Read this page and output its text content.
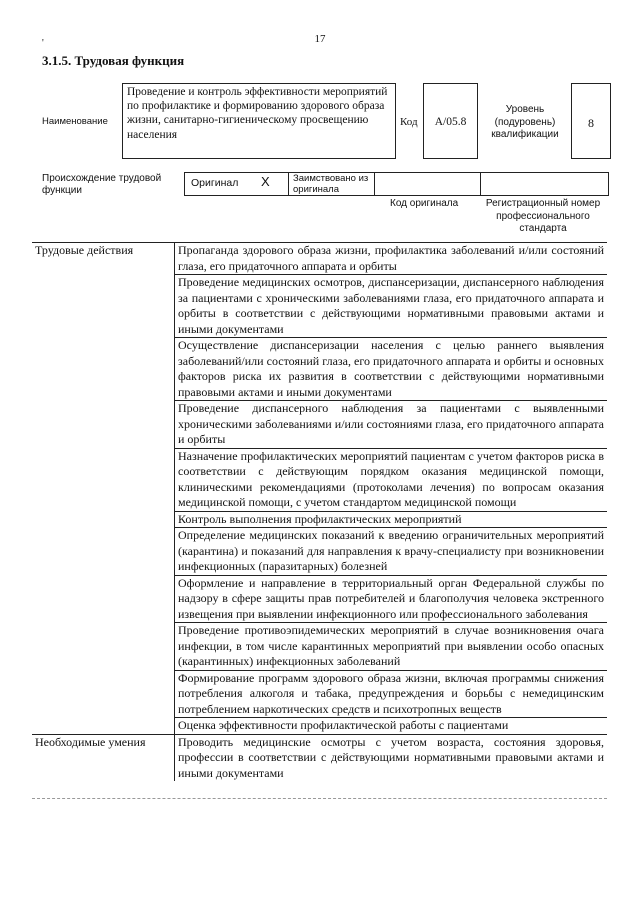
'	17
3.1.5. Трудовая функция
Наименование
Проведение и контроль эффективности мероприятий по профилактике и формированию здорового образа жизни, санитарно-гигиеническому просвещению населения
Код	A/05.8
Уровень (подуровень) квалификации
8
Происхождение трудовой функции
Оригинал X	Заимствовано из оригинала
Код оригинала	Регистрационный номер профессионального стандарта
Трудовые действия	Пропаганда здорового образа жизни, профилактика заболеваний и/или состояний глаза, его придаточного аппарата и орбиты
	Проведение медицинских осмотров, диспансеризации, диспансерного наблюдения за пациентами с хроническими заболеваниями глаза, его придаточного аппарата и орбиты в соответствии с действующими нормативными правовыми актами и иными документами
	Осуществление диспансеризации населения с целью раннего выявления заболеваний/или состояний глаза, его придаточного аппарата и орбиты и основных факторов риска их развития в соответствии с действующими нормативными правовыми актами и иными документами
	Проведение диспансерного наблюдения за пациентами с выявленными хроническими заболеваниями и/или состояниями глаза, его придаточного аппарата и орбиты
	Назначение профилактических мероприятий пациентам с учетом факторов риска в соответствии с действующим порядком оказания медицинской помощи, клиническими рекомендациями (протоколами лечения) по вопросам оказания медицинской помощи, с учетом стандартом медицинской помощи
	Контроль выполнения профилактических мероприятий
	Определение медицинских показаний к введению ограничительных мероприятий (карантина) и показаний для направления к врачу-специалисту при возникновении инфекционных (паразитарных) болезней
	Оформление и направление в территориальный орган Федеральной службы по надзору в сфере защиты прав потребителей и благополучия человека экстренного извещения при выявлении инфекционного или профессионального заболевания
	Проведение противоэпидемических мероприятий в случае возникновения очага инфекции, в том числе карантинных мероприятий при выявлении особо опасных (карантинных) инфекционных заболеваний
	Формирование программ здорового образа жизни, включая программы снижения потребления алкоголя и табака, предупреждения и борьбы с немедицинским потреблением наркотических средств и психотропных веществ
	Оценка эффективности профилактической работы с пациентами
Необходимые умения	Проводить медицинские осмотры с учетом возраста, состояния здоровья, профессии в соответствии с действующими нормативными правовыми актами и иными документами
